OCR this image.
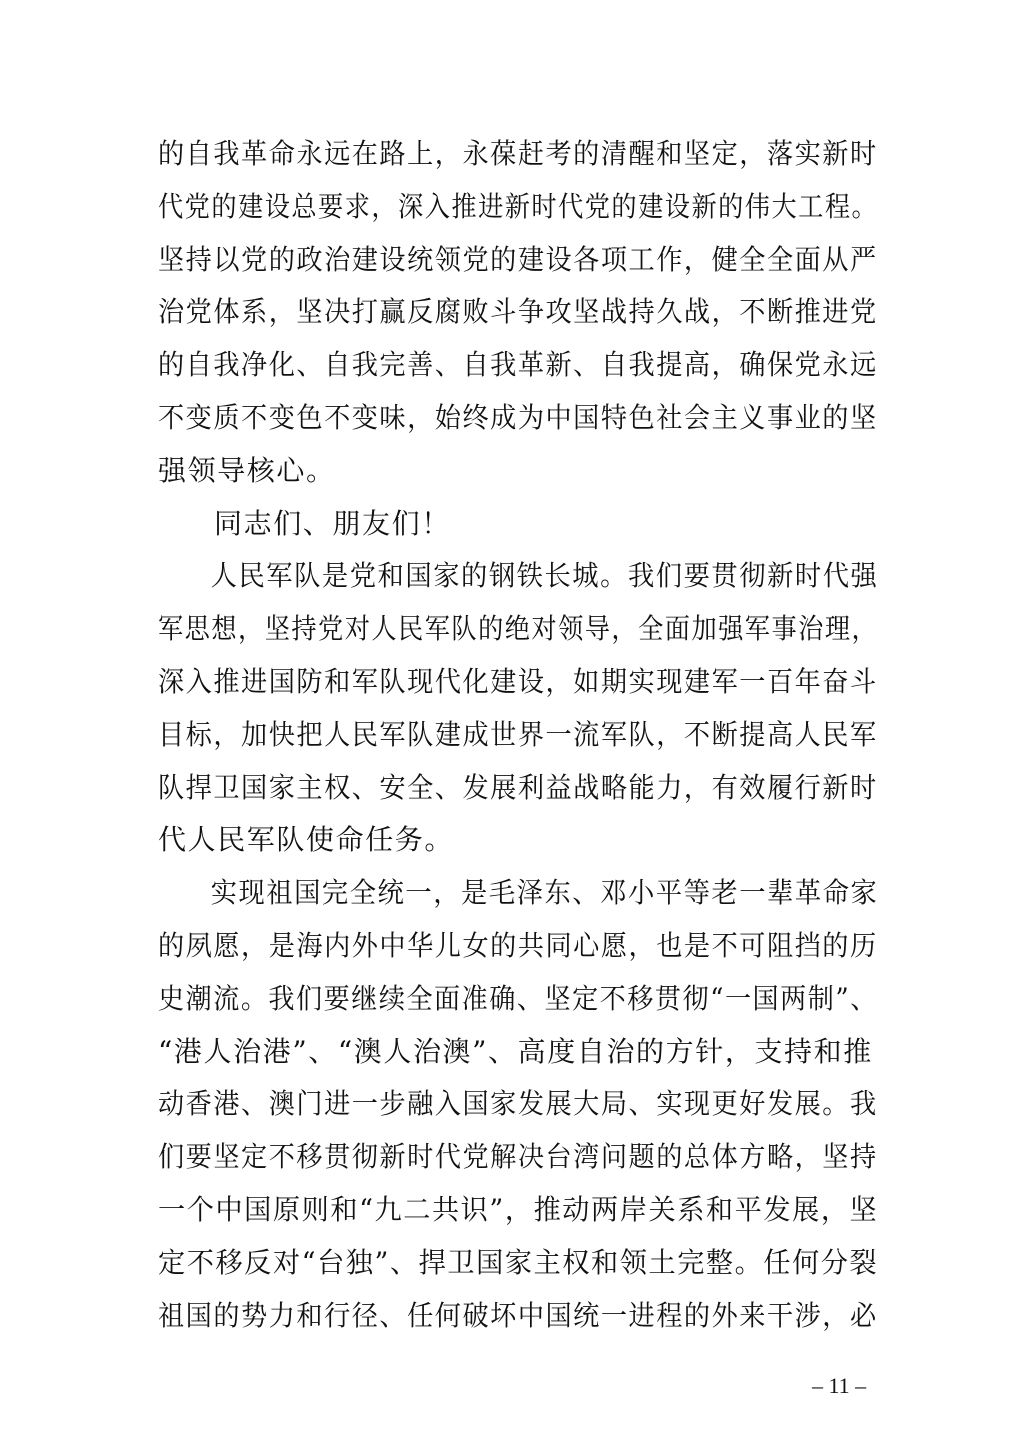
的自我革命永远在路上，永葆赶考的清醒和坚定，落实新时
代党的建设总要求，深入推进新时代党的建设新的伟大工程。
坚持以党的政治建设统领党的建设各项工作，健全全面从严
治党体系，坚决打赢反腐败斗争攻坚战持久战，不断推进党
的自我净化、自我完善、自我革新、自我提高，确保党永远
不变质不变色不变味，始终成为中国特色社会主义事业的坚
强领导核心。
同志们、朋友们！
人民军队是党和国家的钢铁长城。我们要贯彻新时代强
军思想，坚持党对人民军队的绝对领导，全面加强军事治理，
深入推进国防和军队现代化建设，如期实现建军一百年奋斗
目标，加快把人民军队建成世界一流军队，不断提高人民军
队捍卫国家主权、安全、发展利益战略能力，有效履行新时
代人民军队使命任务。
实现祖国完全统一，是毛泽东、邓小平等老一辈革命家
的夙愿，是海内外中华儿女的共同心愿，也是不可阻挡的历
史潮流。我们要继续全面准确、坚定不移贯彻“一国两制”、
“港人治港”、“澳人治澳”、高度自治的方针，支持和推
动香港、澳门进一步融入国家发展大局、实现更好发展。我
们要坚定不移贯彻新时代党解决台湾问题的总体方略，坚持
一个中国原则和“九二共识”，推动两岸关系和平发展，坚
定不移反对“台独”、捍卫国家主权和领土完整。任何分裂
祖国的势力和行径、任何破坏中国统一进程的外来干涉，必
– 11 –
